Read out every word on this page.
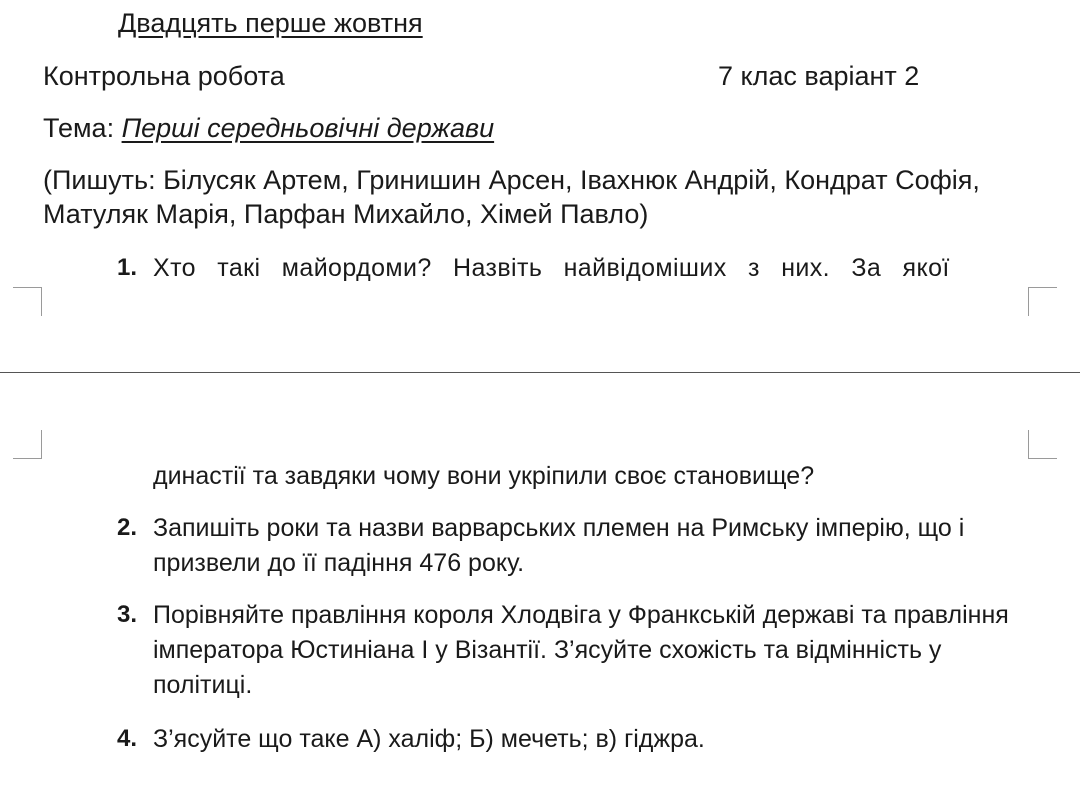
Двадцять перше жовтня
Контрольна робота	7 клас варіант 2
Тема: Перші середньовічні держави
(Пишуть: Білусяк Артем, Гринишин Арсен, Івахнюк Андрій, Кондрат Софія, Матуляк Марія, Парфан Михайло, Хімей Павло)
1. Хто такі майордоми? Назвіть найвідоміших з них. За якої
династії та завдяки чому вони укріпили своє становище?
2. Запишіть роки та назви варварських племен на Римську імперію, що і призвели до її падіння 476 року.
3. Порівняйте правління короля Хлодвіга у Франкській державі та правління імператора Юстиніана I у Візантії. З’ясуйте схожість та відмінність у політиці.
4. З’ясуйте що таке А) халіф; Б) мечеть; в) гіджра.
